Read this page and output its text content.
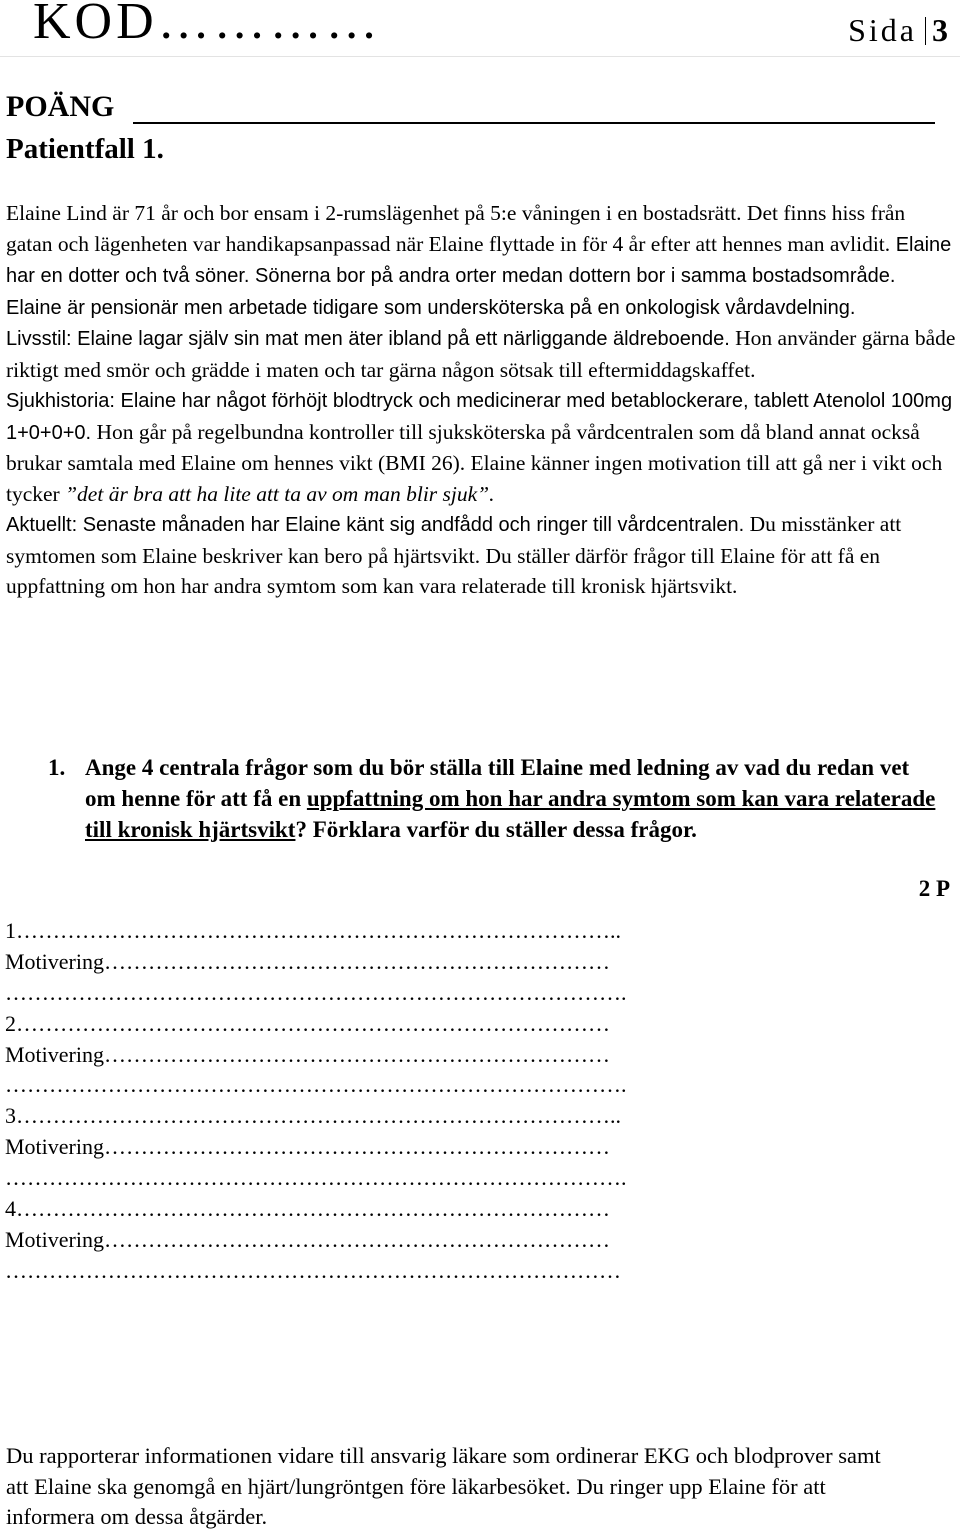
KOD…………	Sida 3
POÄNG
Patientfall 1.

Elaine Lind är 71 år och bor ensam i 2-rumslägenhet på 5:e våningen i en bostadsrätt. Det finns hiss från gatan och lägenheten var handikapsanpassad när Elaine flyttade in för 4 år efter att hennes man avlidit. Elaine har en dotter och två söner. Sönerna bor på andra orter medan dottern bor i samma bostadsområde. Elaine är pensionär men arbetade tidigare som undersköterska på en onkologisk vårdavdelning.

Livsstil: Elaine lagar själv sin mat men äter ibland på ett närliggande äldreboende. Hon använder gärna både riktigt med smör och grädde i maten och tar gärna någon sötsak till eftermiddagskaffet.

Sjukhistoria: Elaine har något förhöjt blodtryck och medicinerar med betablockerare, tablett Atenolol 100mg 1+0+0+0. Hon går på regelbundna kontroller till sjuksköterska på vårdcentralen som då bland annat också brukar samtala med Elaine om hennes vikt (BMI 26). Elaine känner ingen motivation till att gå ner i vikt och tycker ”det är bra att ha lite att ta av om man blir sjuk”.

Aktuellt: Senaste månaden har Elaine känt sig andfådd och ringer till vårdcentralen. Du misstänker att symtomen som Elaine beskriver kan bero på hjärtsvikt. Du ställer därför frågor till Elaine för att få en uppfattning om hon har andra symtom som kan vara relaterade till kronisk hjärtsvikt.

1. Ange 4 centrala frågor som du bör ställa till Elaine med ledning av vad du redan vet om henne för att få en uppfattning om hon har andra symtom som kan vara relaterade till kronisk hjärtsvikt? Förklara varför du ställer dessa frågor.
2 P
1………………………………………………………………………..
Motivering……………………………………………………………
………………………………………………………………………….
2………………………………………………………………………
Motivering……………………………………………………………
………………………………………………………………………….
3………………………………………………………………………..
Motivering……………………………………………………………
………………………………………………………………………….
4………………………………………………………………………
Motivering……………………………………………………………
…………………………………………………………………………
Du rapporterar informationen vidare till ansvarig läkare som ordinerar EKG och blodprover samt att Elaine ska genomgå en hjärt/lungröntgen före läkarbesöket. Du ringer upp Elaine för att informera om dessa åtgärder.
